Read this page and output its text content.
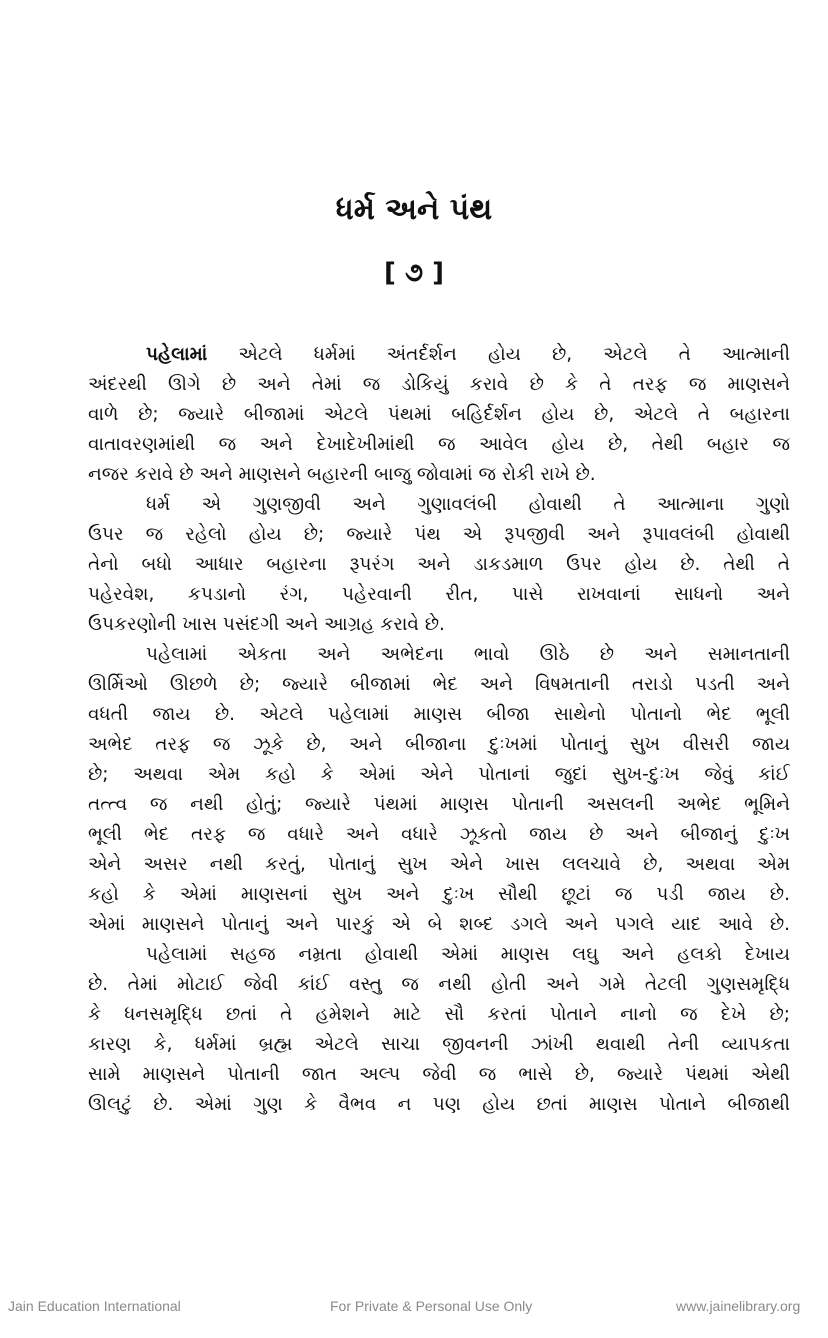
ધર્મ અને પંથ
[ ૭ ]
પહેલામાં એટલે ધર્મમાં અંતર્દર્શન હોય છે, એટલે તે આત્માની
અંદરથી ઊગે છે અને તેમાં જ ડોકિયું કરાવે છે કે તે તરફ જ માણસને
વાળે છે; જ્યારે બીજામાં એટલે પંથમાં બહિર્દર્શન હોય છે, એટલે તે બહારના
વાતાવરણમાંથી જ અને દેખાદેખીમાંથી જ આવેલ હોય છે, તેથી બહાર જ
નજર કરાવે છે અને માણસને બહારની બાજુ જોવામાં જ રોકી રાખે છે.
ધર્મ એ ગુણજીવી અને ગુણાવલંબી હોવાથી તે આત્માના ગુણો
ઉપર જ રહેલો હોય છે; જ્યારે પંથ એ રૂપજીવી અને રૂપાવલંબી હોવાથી
તેનો બધો આધાર બહારના રૂપરંગ અને ડાકડમાળ ઉપર હોય છે. તેથી તે
પહેરવેશ, કપડાનો રંગ, પહેરવાની રીત, પાસે રાખવાનાં સાધનો અને
ઉપકરણોની ખાસ પસંદગી અને આગ્રહ કરાવે છે.
પહેલામાં એકતા અને અભેદના ભાવો ઊઠે છે અને સમાનતાની
ઊર્મિઓ ઊછળે છે; જ્યારે બીજામાં ભેદ અને વિષમતાની તરાડો પડતી અને
વધતી જાય છે. એટલે પહેલામાં માણસ બીજા સાથેનો પોતાનો ભેદ ભૂલી
અભેદ તરફ જ ઝૂકે છે, અને બીજાના દુઃખમાં પોતાનું સુખ વીસરી જાય
છે; અથવા એમ કહો કે એમાં એને પોતાનાં જુદાં સુખ-દુઃખ જેવું કાંઈ
તત્ત્વ જ નથી હોતું; જ્યારે પંથમાં માણસ પોતાની અસલની અભેદ ભૂમિને
ભૂલી ભેદ તરફ જ વધારે અને વધારે ઝૂકતો જાય છે અને બીજાનું દુઃખ
એને અસર નથી કરતું, પોતાનું સુખ એને ખાસ લલચાવે છે, અથવા એમ
કહો કે એમાં માણસનાં સુખ અને દુઃખ સૌથી છૂટાં જ પડી જાય છે.
એમાં માણસને પોતાનું અને પારકું એ બે શબ્દ ડગલે અને પગલે યાદ આવે છે.
પહેલામાં સહજ નમ્રતા હોવાથી એમાં માણસ લઘુ અને હલકો દેખાય
છે. તેમાં મોટાઈ જેવી કાંઈ વસ્તુ જ નથી હોતી અને ગમે તેટલી ગુણસમૃદ્ધિ
કે ધનસમૃદ્ધિ છતાં તે હમેશને માટે સૌ કરતાં પોતાને નાનો જ દેખે છે;
કારણ કે, ધર્મમાં બ્રહ્મ એટલે સાચા જીવનની ઝાંખી થવાથી તેની વ્યાપકતા
સામે માણસને પોતાની જાત અલ્પ જેવી જ ભાસે છે, જ્યારે પંથમાં એથી
ઊલટું છે. એમાં ગુણ કે વૈભવ ન પણ હોય છતાં માણસ પોતાને બીજાથી
Jain Education International	For Private & Personal Use Only	www.jainelibrary.org
